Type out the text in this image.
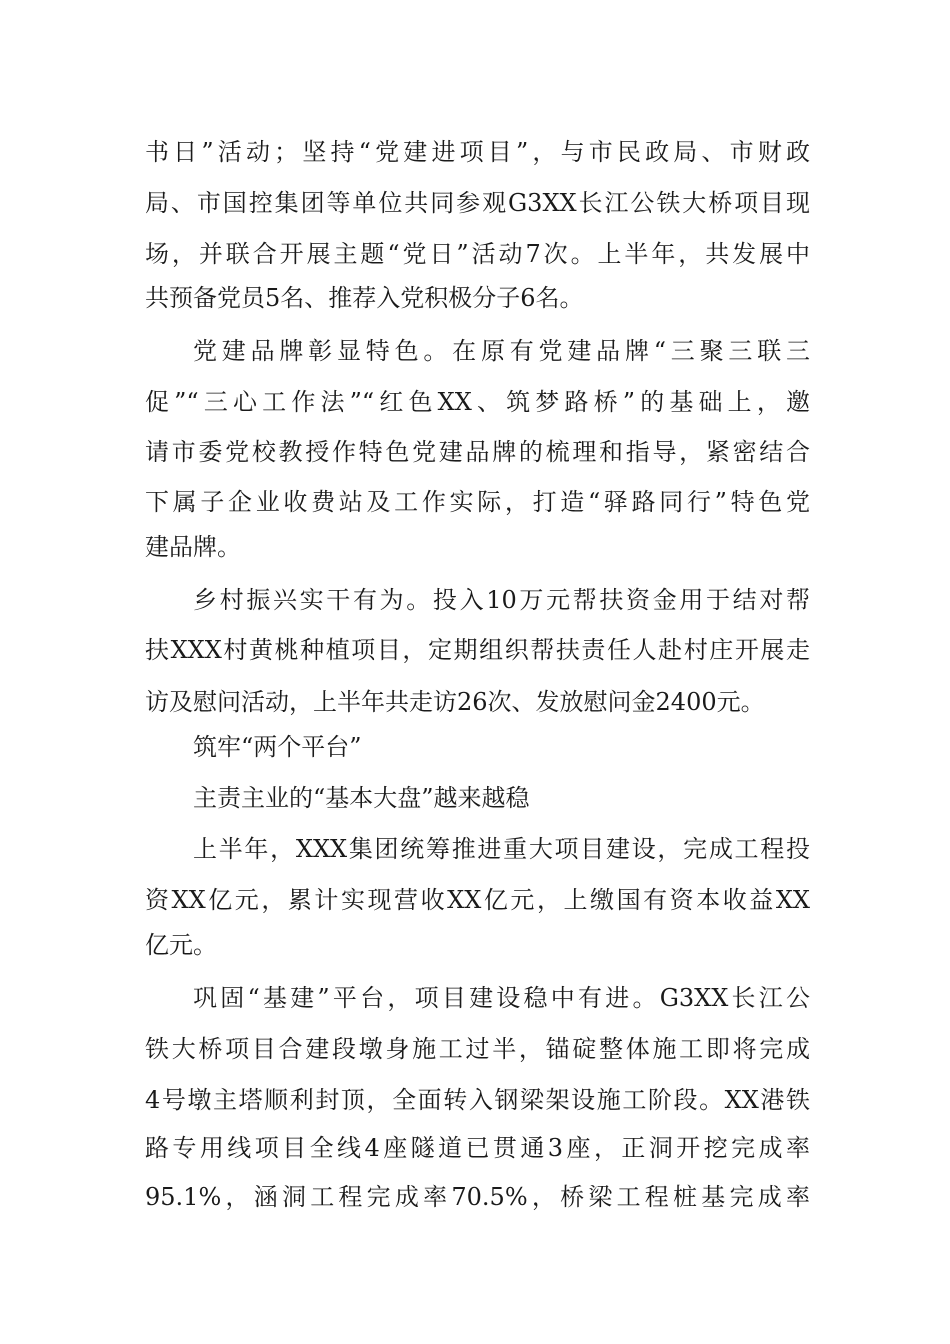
书日”活动；坚持“党建进项目”，与市民政局、市财政
局、市国控集团等单位共同参观G3XX长江公铁大桥项目现
场，并联合开展主题“党日”活动7次。上半年，共发展中
共预备党员5名、推荐入党积极分子6名。
党建品牌彰显特色。在原有党建品牌“三聚三联三
促”“三心工作法”“红色XX、筑梦路桥”的基础上，邀
请市委党校教授作特色党建品牌的梳理和指导，紧密结合
下属子企业收费站及工作实际，打造“驿路同行”特色党
建品牌。
乡村振兴实干有为。投入10万元帮扶资金用于结对帮
扶XXX村黄桃种植项目，定期组织帮扶责任人赴村庄开展走
访及慰问活动，上半年共走访26次、发放慰问金2400元。
筑牢“两个平台”
主责主业的“基本大盘”越来越稳
上半年，XXX集团统筹推进重大项目建设，完成工程投
资XX亿元，累计实现营收XX亿元，上缴国有资本收益XX
亿元。
巩固“基建”平台，项目建设稳中有进。G3XX长江公
铁大桥项目合建段墩身施工过半，锚碇整体施工即将完成
4号墩主塔顺利封顶，全面转入钢梁架设施工阶段。XX港铁
路专用线项目全线4座隧道已贯通3座，正洞开挖完成率
95.1%，涵洞工程完成率70.5%，桥梁工程桩基完成率
